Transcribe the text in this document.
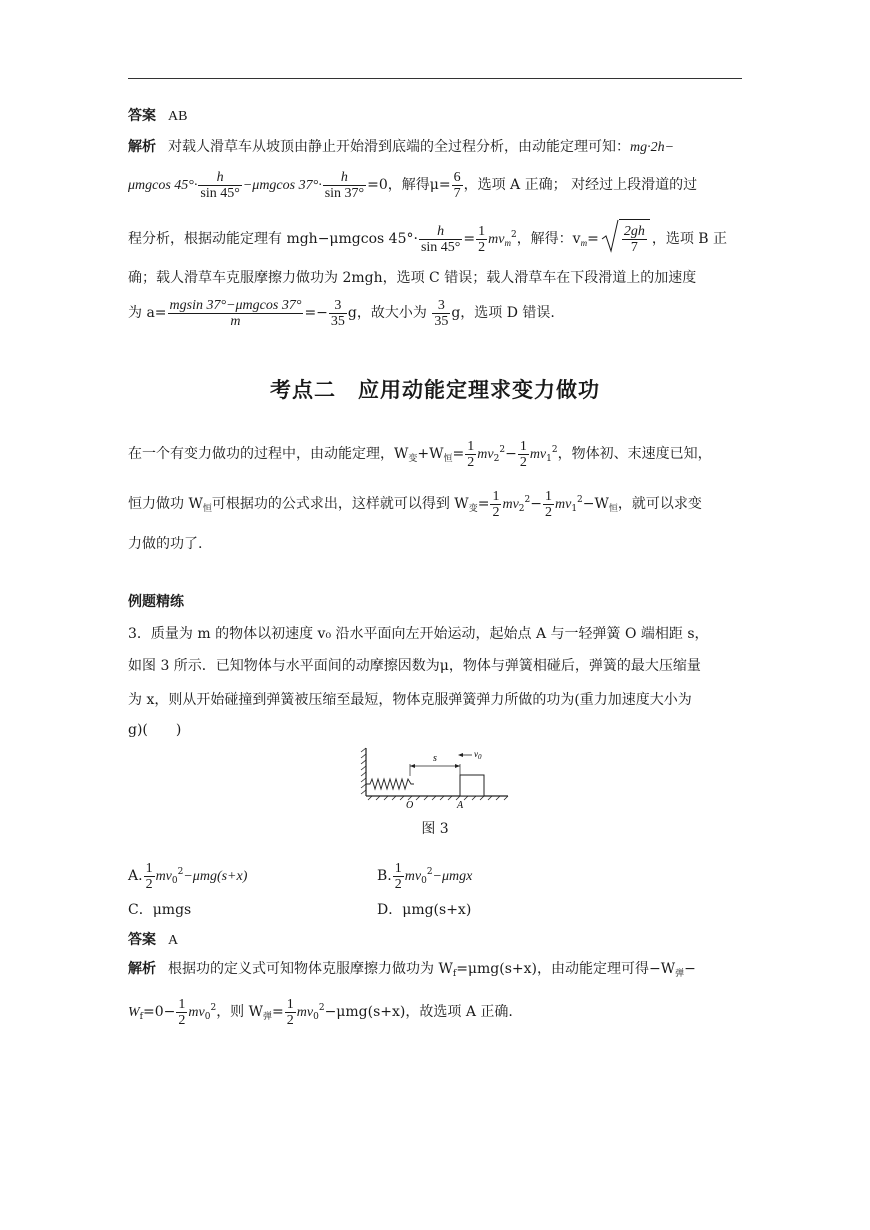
答案 AB
解析 对载人滑草车从坡顶由静止开始滑到底端的全过程分析，由动能定理可知：mg·2h−
μmgcos $45^\circ\cdot \frac{h}{\sin 45^\circ} -\mu mgcos$ $37^\circ\cdot \frac{h}{\sin 37^\circ} =0$，解得$\mu= \frac{6}{7}$ ，选项 A 正确； 对经过上段滑道的过
程分析，根据动能定理有 mgh−μmgcos $45^\circ\cdot \frac{h}{\sin 45^\circ} = \frac{1}{2} mv_m^2$，解得：$v_m= \frac{2gh}{7}$ ，选项 B 正
确；载人滑草车克服摩擦力做功为 2mgh，选项 C 错误；载人滑草车在下段滑道上的加速度
为 $a= \frac{\text{mgsin 37°−μmgcos 37°}}{m} =- \frac{3}{35}$ g，故大小为 $\frac{3}{35}$ g，选项 D 错误.
考点二　应用动能定理求变力做功
在一个有变力做功的过程中，由动能定理，$W_变+W_恒= \frac{1}{2} mv_2^2- \frac{1}{2} mv_1^2$，物体初、末速度已知，
恒力做功 $W_恒$可根据功的公式求出，这样就可以得到 $W_变= \frac{1}{2} mv_2^2- \frac{1}{2} mv_1^2-W_恒$，就可以求变
力做的功了.
例题精练
3．质量为 m 的物体以初速度 v₀ 沿水平面向左开始运动，起始点 A 与一轻弹簧 O 端相距 s，
如图 3 所示．已知物体与水平面间的动摩擦因数为μ，物体与弹簧相碰后，弹簧的最大压缩量
为 x，则从开始碰撞到弹簧被压缩至最短，物体克服弹簧弹力所做的功为(重力加速度大小为
g)(　　)
s	$v_0$
O	A
图 3
A. $\frac{1}{2} mv_0^2-\mu mg(s+x)$	B. $\frac{1}{2} mv_0^2-\mu mgx$
C．μmgs	D．μmg(s+x)
答案 A
解析 根据功的定义式可知物体克服摩擦力做功为 $W_f=\mu mg(s+x)$，由动能定理可得$-W_弹-$
$W_f=0- \frac{1}{2} mv_0^2$，则 $W_弹= \frac{1}{2} mv_0^2-\mu mg(s+x)$，故选项 A 正确.
